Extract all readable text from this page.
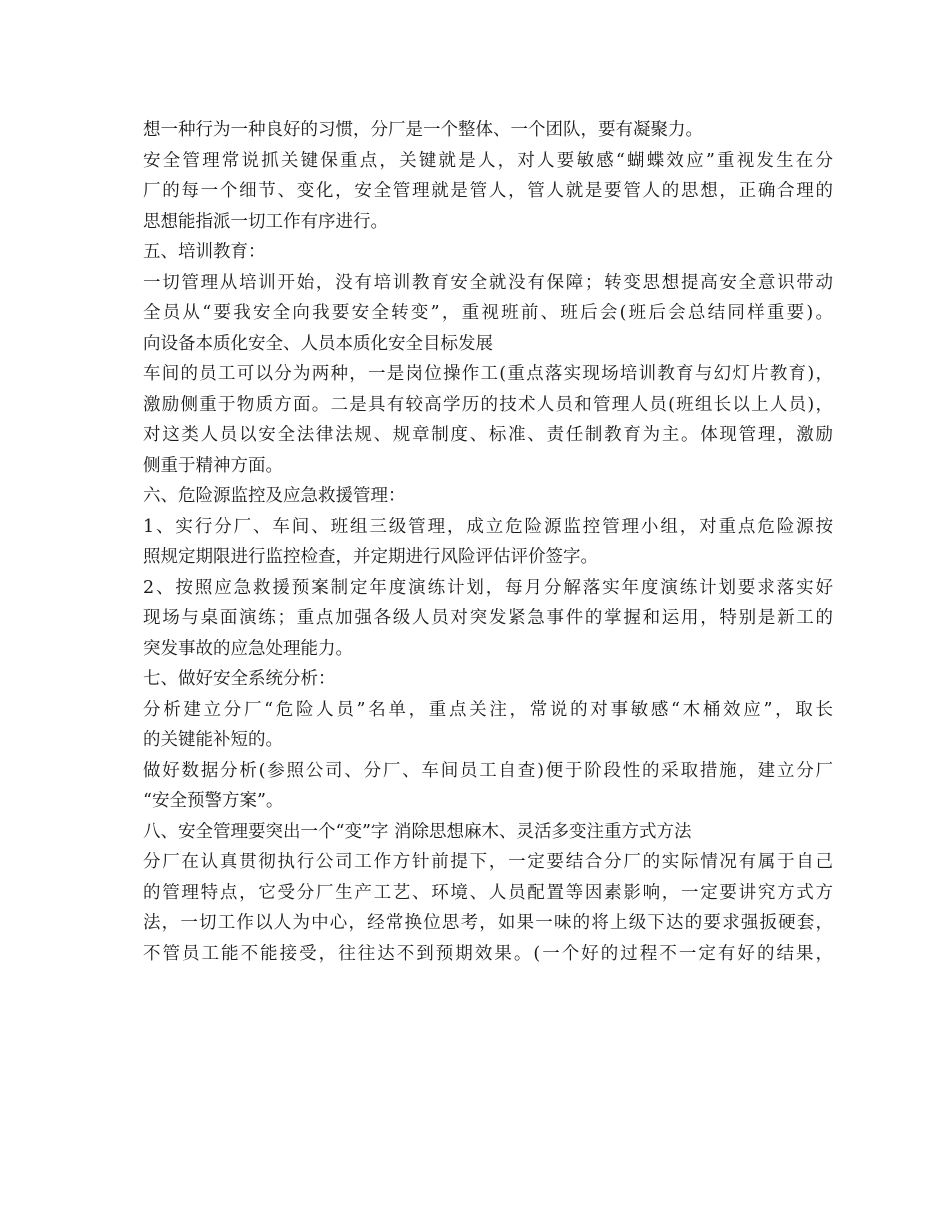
想一种行为一种良好的习惯，分厂是一个整体、一个团队，要有凝聚力。
安全管理常说抓关键保重点，关键就是人，对人要敏感“蝴蝶效应”重视发生在分
厂的每一个细节、变化，安全管理就是管人，管人就是要管人的思想，正确合理的
思想能指派一切工作有序进行。
五、培训教育：
一切管理从培训开始，没有培训教育安全就没有保障；转变思想提高安全意识带动
全员从“要我安全向我要安全转变”，重视班前、班后会(班后会总结同样重要)。
向设备本质化安全、人员本质化安全目标发展
车间的员工可以分为两种，一是岗位操作工(重点落实现场培训教育与幻灯片教育)，
激励侧重于物质方面。二是具有较高学历的技术人员和管理人员(班组长以上人员)，
对这类人员以安全法律法规、规章制度、标准、责任制教育为主。体现管理，激励
侧重于精神方面。
六、危险源监控及应急救援管理：
1、实行分厂、车间、班组三级管理，成立危险源监控管理小组，对重点危险源按
照规定期限进行监控检查，并定期进行风险评估评价签字。
2、按照应急救援预案制定年度演练计划，每月分解落实年度演练计划要求落实好
现场与桌面演练；重点加强各级人员对突发紧急事件的掌握和运用，特别是新工的
突发事故的应急处理能力。
七、做好安全系统分析：
分析建立分厂“危险人员”名单，重点关注，常说的对事敏感“木桶效应”，取长
的关键能补短的。
做好数据分析(参照公司、分厂、车间员工自查)便于阶段性的采取措施，建立分厂
“安全预警方案”。
八、安全管理要突出一个“变”字 消除思想麻木、灵活多变注重方式方法
分厂在认真贯彻执行公司工作方针前提下，一定要结合分厂的实际情况有属于自己
的管理特点，它受分厂生产工艺、环境、人员配置等因素影响，一定要讲究方式方
法，一切工作以人为中心，经常换位思考，如果一味的将上级下达的要求强扳硬套，
不管员工能不能接受，往往达不到预期效果。(一个好的过程不一定有好的结果，
